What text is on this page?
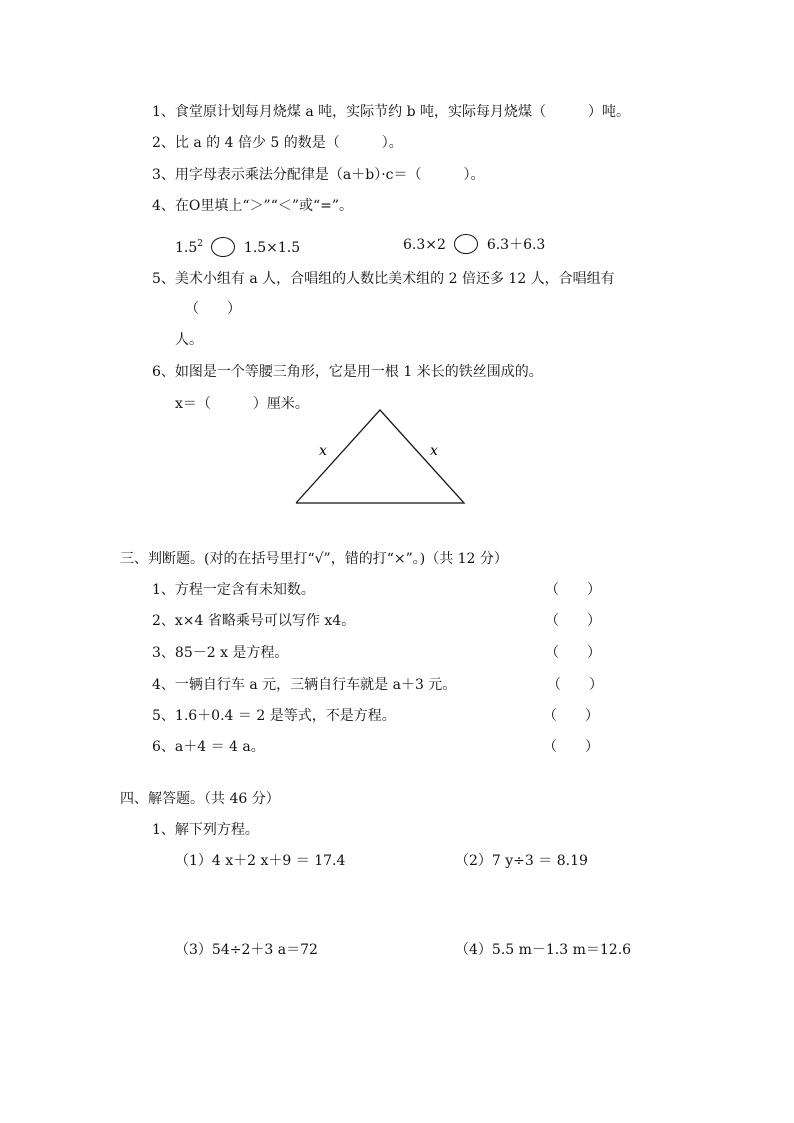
1、食堂原计划每月烧煤 a 吨，实际节约 b 吨，实际每月烧煤（　　　）吨。
2、比 a 的 4 倍少 5 的数是（　　　）。
3、用字母表示乘法分配律是（a＋b）·c＝（　　　）。
4、在O里填上“＞”“＜”或“=”。
$1.5^2$	1.5×1.5	6.3×2	6.3＋6.3
5、美术小组有 a 人，合唱组的人数比美术组的 2 倍还多 12 人，合唱组有
（　　）
人。
6、如图是一个等腰三角形，它是用一根 1 米长的铁丝围成的。
x＝（　　　）厘米。
x	x
三、判断题。(对的在括号里打“√”，错的打“×”。)（共 12 分）
1、方程一定含有未知数。	（　　）
2、x×4 省略乘号可以写作 x4。	（　　）
3、85－2 x 是方程。	（　　）
4、一辆自行车 a 元，三辆自行车就是 a＋3 元。	（　　）
5、1.6＋0.4 ＝ 2 是等式，不是方程。	（　　）
6、a＋4 ＝ 4 a。	（　　）
四、解答题。（共 46 分）
1、解下列方程。
（1）4 x＋2 x＋9 ＝ 17.4	（2）7 y÷3 ＝ 8.19
（3）54÷2＋3 a＝72	（4）5.5 m－1.3 m＝12.6
